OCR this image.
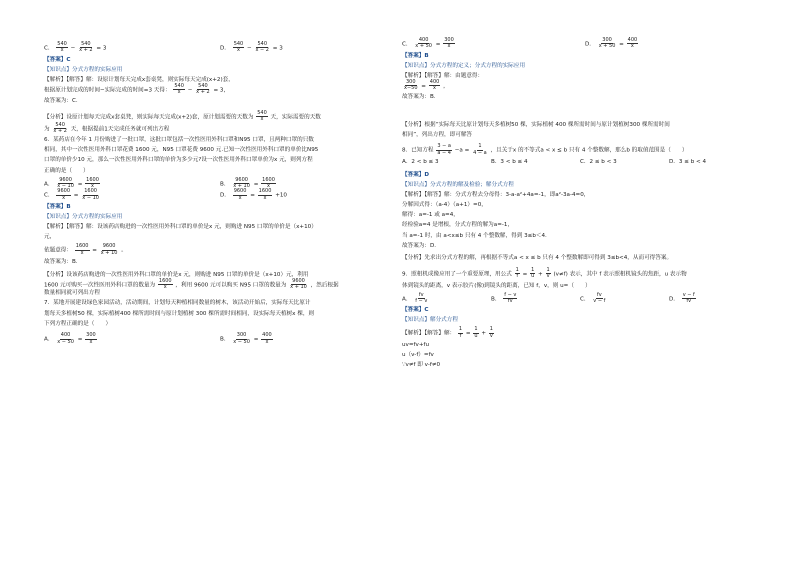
C． $\frac{540}{x} - \frac{540}{x + 2} = 3$	D． $\frac{540}{x} - \frac{540}{x - 2} = 3$

【答案】C

【知识点】分式方程的实际应用

【解析】【解答】解：设原计划每天完成x套桌凳，则实际每天完成(x+2)套，

根据原计划完成的时间−实际完成的时间=3 天得： $\frac{540}{x} - \frac{540}{x + 2} = 3$，

故答案为：C.

【分析】设原计划每天完成x套桌凳，则实际每天完成(x+2)套，原计划需要的天数为 $\frac{540}{x}$ 天，实际需要的天数

为 $\frac{540}{x + 2}$ 天，根据提前1天完成任务就可列出方程

6．某药店在今年 1 月份购进了一批口罩，这批口罩包括一次性医用外科口罩和N95 口罩，且两种口罩的只数

相同，其中一次性医用外科口罩花费 1600 元，N95 口罩花费 9600 元.已知一次性医用外科口罩的单价比N95

口罩的单价少10 元，那么一次性医用外科口罩的单价为多少元?设一次性医用外科口罩单价为x 元，则列方程

正确的是（　　）

A． $\frac{9600}{x - 10} = \frac{1600}{x}$	B． $\frac{9600}{x + 10} = \frac{1600}{x}$
C． $\frac{9600}{x} = \frac{1600}{x - 10}$	D． $\frac{9600}{x} = \frac{1600}{x} +10$

【答案】B

【知识点】分式方程的实际应用

【解析】【解答】解：设该药店购进的一次性医用外科口罩的单价是x 元，则购进 N95 口罩的单价是（x+10）

元，

依题意得： $\frac{1600}{x} = \frac{9600}{x + 10}$ 。

故答案为：B.

【分析】设该药店购进的一次性医用外科口罩的单价是x 元，则购进 N95 口罩的单价是（x+10）元，利用

1600 元可购买一次性医用外科口罩的数量为 $\frac{1600}{x}$ ，利用 9600 元可以购买 N95 口罩的数量为 $\frac{9600}{x + 10}$ ，然后根据

数量相同就可列出方程

7．某地开展建设绿色家园活动，活动期间，计划每天种植相同数量的树木，该活动开始后，实际每天比原计

划每天多植树50 棵，实际植树400 棵所需时间与原计划植树 300 棵所需时间相同，设实际每天植树x 棵，则

下列方程正确的是（　　）

A． $\frac{400}{x - 50} = \frac{300}{x}$	B． $\frac{300}{x - 50} = \frac{400}{x}$
C． $\frac{400}{x + 50} = \frac{300}{x}$	D． $\frac{300}{x + 50} = \frac{400}{x}$

【答案】B

【知识点】分式方程的定义；分式方程的实际应用

【解析】【解答】解：由题意得：

$\frac{300}{x-50} = \frac{400}{x}$ ，

故答案为：B.

【分析】根据“实际每天比原计划每天多植树50 棵，实际植树 400 棵所需时间与原计划植树300 棵所需时间

相同”，列出方程，即可解答

8．已知方程 $\frac{3 - a}{a - 4} -a = \frac{1}{4 - a}$ ，且关于x 的不等式a < x ≤ b 只有 4 个整数解，那么b 的取值范围是（　　）

A．2 < b ≤ 3	B．3 < b ≤ 4	C．2 ≤ b < 3	D．3 ≤ b < 4

【答案】D

【知识点】分式方程的解及检验；解分式方程

【解析】【解答】解：分式方程去分母得：3-a-a²+4a=-1，即a²-3a-4=0，

分解因式得：（a-4）（a+1）=0，

解得：a=-1 或 a=4，

经检验a=4 是增根，分式方程的解为a=-1，

当 a=-1 时，由 a<x≤b 只有 4 个整数解，得到 3≤b＜4.

故答案为：D.

【分析】先求出分式方程的解，再根据不等式a < x ≤ b 只有 4 个整数解即可得到 3≤b<4，从而可得答案。

9．照相机成像应用了一个重要原理，用公式 $\frac{1}{f} = \frac{1}{u} + \frac{1}{v} (v\ne f)$ 表示，其中 f 表示照相机镜头的焦距，u 表示物

体到镜头的距离，v 表示胶片(像)到镜头的距离，已知 f，v，则 u=（　　）

A． $\frac{fv}{f - v}$	B． $\frac{f - v}{fv}$	C． $\frac{fv}{v - f}$	D． $\frac{v - f}{fv}$

【答案】C

【知识点】解分式方程

【解析】【解答】解： $\frac{1}{f} = \frac{1}{u} + \frac{1}{v}$

uv=fv+fu

u（v-f）=fv

∵v≠f 即 v-f≠0
